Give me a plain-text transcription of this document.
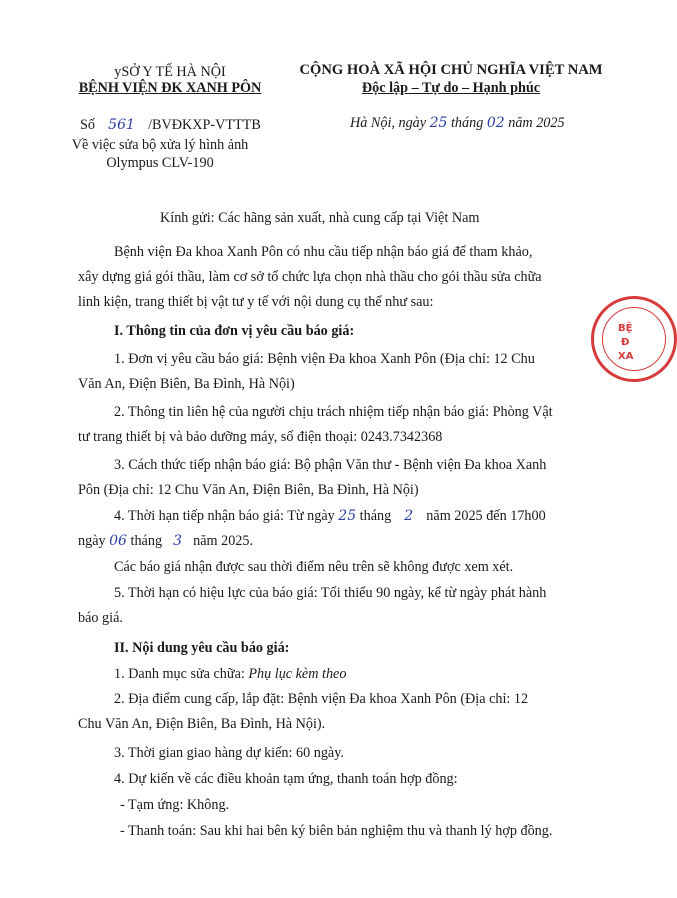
ySỞ Y TẾ HÀ NỘI
BỆNH VIỆN ĐK XANH PÔN
CỘNG HOÀ XÃ HỘI CHỦ NGHĨA VIỆT NAM
Độc lập – Tự do – Hạnh phúc
Số 561 /BVĐKXP-VTTTB
Về việc sửa bộ xửa lý hình ảnh
Olympus CLV-190
Hà Nội, ngày 25 tháng 02 năm 2025
Kính gửi: Các hãng sản xuất, nhà cung cấp tại Việt Nam
Bệnh viện Đa khoa Xanh Pôn có nhu cầu tiếp nhận báo giá để tham khảo,
xây dựng giá gói thầu, làm cơ sở tổ chức lựa chọn nhà thầu cho gói thầu sửa chữa
linh kiện, trang thiết bị vật tư y tế với nội dung cụ thể như sau:
I. Thông tin của đơn vị yêu cầu báo giá:
1. Đơn vị yêu cầu báo giá: Bệnh viện Đa khoa Xanh Pôn (Địa chỉ: 12 Chu
Văn An, Điện Biên, Ba Đình, Hà Nội)
2. Thông tin liên hệ của người chịu trách nhiệm tiếp nhận báo giá: Phòng Vật
tư trang thiết bị và bảo dưỡng máy, số điện thoại: 0243.7342368
3. Cách thức tiếp nhận báo giá: Bộ phận Văn thư - Bệnh viện Đa khoa Xanh
Pôn (Địa chỉ: 12 Chu Văn An, Điện Biên, Ba Đình, Hà Nội)
4. Thời hạn tiếp nhận báo giá: Từ ngày 25 tháng 2 năm 2025 đến 17h00
ngày 06 tháng 3 năm 2025.
Các báo giá nhận được sau thời điểm nêu trên sẽ không được xem xét.
5. Thời hạn có hiệu lực của báo giá: Tối thiểu 90 ngày, kể từ ngày phát hành
báo giá.
II. Nội dung yêu cầu báo giá:
1. Danh mục sửa chữa: Phụ lục kèm theo
2. Địa điểm cung cấp, lắp đặt: Bệnh viện Đa khoa Xanh Pôn (Địa chỉ: 12
Chu Văn An, Điện Biên, Ba Đình, Hà Nội).
3. Thời gian giao hàng dự kiến: 60 ngày.
4. Dự kiến về các điều khoản tạm ứng, thanh toán hợp đồng:
- Tạm ứng: Không.
- Thanh toán: Sau khi hai bên ký biên bản nghiệm thu và thanh lý hợp đồng.
BỆ
Đ
XA
